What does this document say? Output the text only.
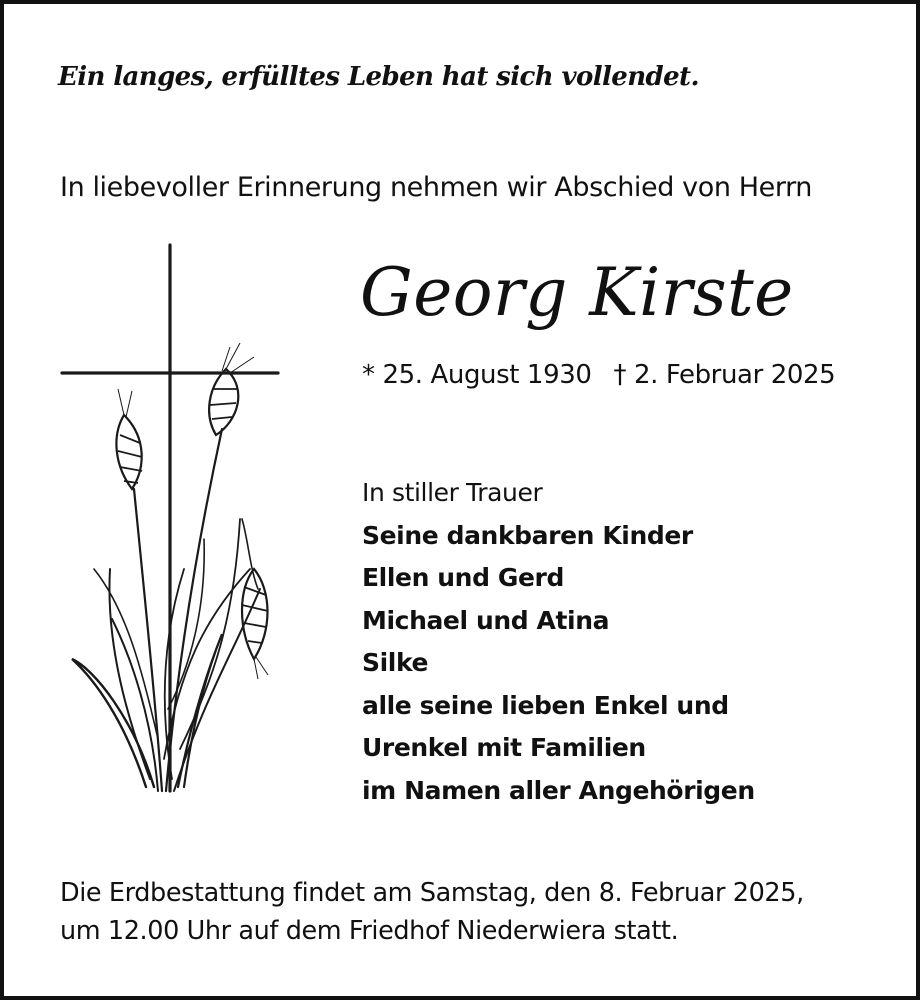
Ein langes, erfülltes Leben hat sich vollendet.
In liebevoller Erinnerung nehmen wir Abschied von Herrn
Georg Kirste
* 25. August 1930 † 2. Februar 2025
In stiller Trauer
Seine dankbaren Kinder
Ellen und Gerd
Michael und Atina
Silke
alle seine lieben Enkel und
Urenkel mit Familien
im Namen aller Angehörigen
Die Erdbestattung findet am Samstag, den 8. Februar 2025,
um 12.00 Uhr auf dem Friedhof Niederwiera statt.
